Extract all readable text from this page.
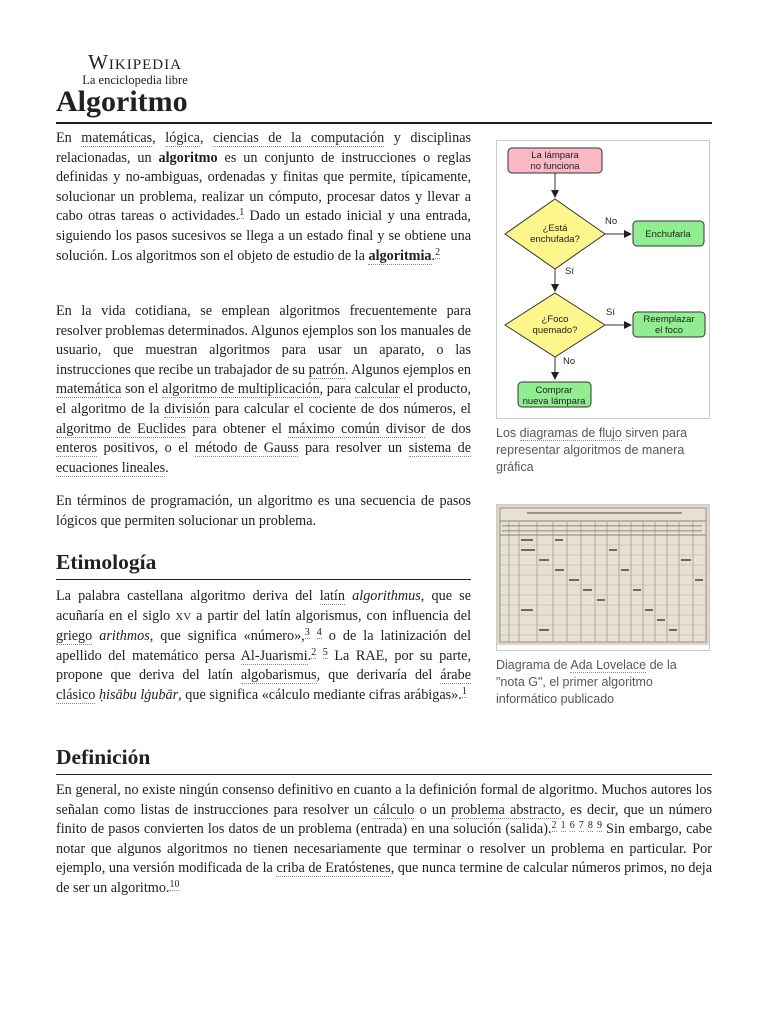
Wikipedia
La enciclopedia libre
Algoritmo

En matemáticas, lógica, ciencias de la computación y disciplinas relacionadas, un algoritmo es un conjunto de instrucciones o reglas definidas y no-ambiguas, ordenadas y finitas que permite, típicamente, solucionar un problema, realizar un cómputo, procesar datos y llevar a cabo otras tareas o actividades.$^1$ Dado un estado inicial y una entrada, siguiendo los pasos sucesivos se llega a un estado final y se obtiene una solución. Los algoritmos son el objeto de estudio de la algoritmia.$^2$

En la vida cotidiana, se emplean algoritmos frecuentemente para resolver problemas determinados. Algunos ejemplos son los manuales de usuario, que muestran algoritmos para usar un aparato, o las instrucciones que recibe un trabajador de su patrón. Algunos ejemplos en matemática son el algoritmo de multiplicación, para calcular el producto, el algoritmo de la división para calcular el cociente de dos números, el algoritmo de Euclides para obtener el máximo común divisor de dos enteros positivos, o el método de Gauss para resolver un sistema de ecuaciones lineales.

En términos de programación, un algoritmo es una secuencia de pasos lógicos que permiten solucionar un problema.

Etimología

La palabra castellana algoritmo deriva del latín algorithmus, que se acuñaría en el siglo XV a partir del latín algorismus, con influencia del griego arithmos, que significa «número»,$^3$ $^4$ o de la latinización del apellido del matemático persa Al-Juarismi.$^2$ $^5$ La RAE, por su parte, propone que deriva del latín algobarismus, que derivaría del árabe clásico ḥisābu lġubār, que significa «cálculo mediante cifras arábigas».$^1$

Definición

En general, no existe ningún consenso definitivo en cuanto a la definición formal de algoritmo. Muchos autores los señalan como listas de instrucciones para resolver un cálculo o un problema abstracto, es decir, que un número finito de pasos convierten los datos de un problema (entrada) en una solución (salida).$^2$ $^1$ $^6$ $^7$ $^8$ $^9$ Sin embargo, cabe notar que algunos algoritmos no tienen necesariamente que terminar o resolver un problema en particular. Por ejemplo, una versión modificada de la criba de Eratóstenes, que nunca termine de calcular números primos, no deja de ser un algoritmo.$^{10}$

La lámpara
no funciona
¿Está
enchufada?
No
Enchufarla
Sí
¿Foco
quemado?
Sí
Reemplazar
el foco
No
Comprar
nueva lámpara
Los diagramas de flujo sirven para representar algoritmos de manera gráfica
Diagrama de Ada Lovelace de la "nota G", el primer algoritmo informático publicado
